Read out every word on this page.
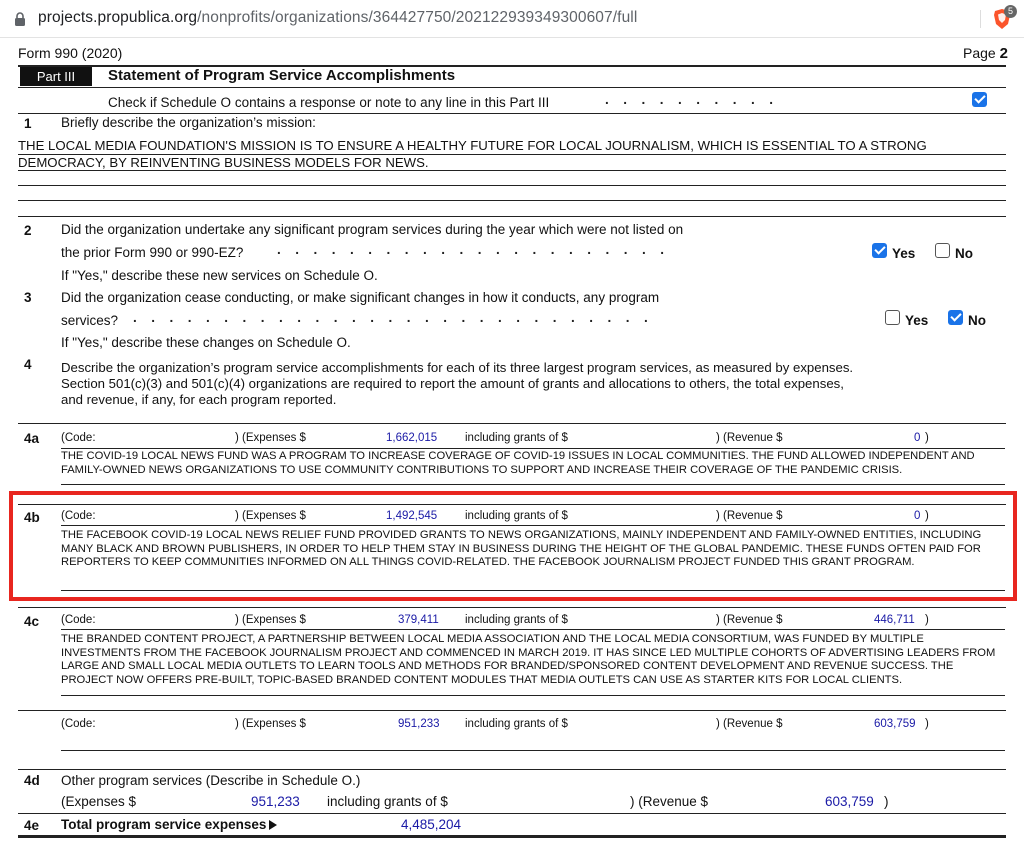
projects.propublica.org/nonprofits/organizations/364427750/202122939349300607/full	5
Form 990 (2020)	Page 2
Part III	Statement of Program Service Accomplishments
Check if Schedule O contains a response or note to any line in this Part III	..........
1 Briefly describe the organization’s mission:
THE LOCAL MEDIA FOUNDATION'S MISSION IS TO ENSURE A HEALTHY FUTURE FOR LOCAL JOURNALISM, WHICH IS ESSENTIAL TO A STRONG
DEMOCRACY, BY REINVENTING BUSINESS MODELS FOR NEWS.
2 Did the organization undertake any significant program services during the year which were not listed on
the prior Form 990 or 990-EZ? ......................	Yes	No
If "Yes," describe these new services on Schedule O.
3 Did the organization cease conducting, or make significant changes in how it conducts, any program
services? .............................	Yes	No
If "Yes," describe these changes on Schedule O.
4 Describe the organization’s program service accomplishments for each of its three largest program services, as measured by expenses.
Section 501(c)(3) and 501(c)(4) organizations are required to report the amount of grants and allocations to others, the total expenses,
and revenue, if any, for each program reported.
4a (Code:	) (Expenses $	1,662,015 including grants of $	) (Revenue $	0 )
THE COVID-19 LOCAL NEWS FUND WAS A PROGRAM TO INCREASE COVERAGE OF COVID-19 ISSUES IN LOCAL COMMUNITIES. THE FUND ALLOWED INDEPENDENT AND FAMILY-OWNED NEWS ORGANIZATIONS TO USE COMMUNITY CONTRIBUTIONS TO SUPPORT AND INCREASE THEIR COVERAGE OF THE PANDEMIC CRISIS.
4b (Code:	) (Expenses $	1,492,545 including grants of $	) (Revenue $	0 )
THE FACEBOOK COVID-19 LOCAL NEWS RELIEF FUND PROVIDED GRANTS TO NEWS ORGANIZATIONS, MAINLY INDEPENDENT AND FAMILY-OWNED ENTITIES, INCLUDING MANY BLACK AND BROWN PUBLISHERS, IN ORDER TO HELP THEM STAY IN BUSINESS DURING THE HEIGHT OF THE GLOBAL PANDEMIC. THESE FUNDS OFTEN PAID FOR REPORTERS TO KEEP COMMUNITIES INFORMED ON ALL THINGS COVID-RELATED. THE FACEBOOK JOURNALISM PROJECT FUNDED THIS GRANT PROGRAM.
4c (Code:	) (Expenses $	379,411 including grants of $	) (Revenue $	446,711 )
THE BRANDED CONTENT PROJECT, A PARTNERSHIP BETWEEN LOCAL MEDIA ASSOCIATION AND THE LOCAL MEDIA CONSORTIUM, WAS FUNDED BY MULTIPLE INVESTMENTS FROM THE FACEBOOK JOURNALISM PROJECT AND COMMENCED IN MARCH 2019. IT HAS SINCE LED MULTIPLE COHORTS OF ADVERTISING LEADERS FROM LARGE AND SMALL LOCAL MEDIA OUTLETS TO LEARN TOOLS AND METHODS FOR BRANDED/SPONSORED CONTENT DEVELOPMENT AND REVENUE SUCCESS. THE PROJECT NOW OFFERS PRE-BUILT, TOPIC-BASED BRANDED CONTENT MODULES THAT MEDIA OUTLETS CAN USE AS STARTER KITS FOR LOCAL CLIENTS.
(Code:	) (Expenses $	951,233 including grants of $	) (Revenue $	603,759 )
4d Other program services (Describe in Schedule O.)
(Expenses $	951,233 including grants of $	) (Revenue $	603,759 )
4e Total program service expenses	4,485,204
